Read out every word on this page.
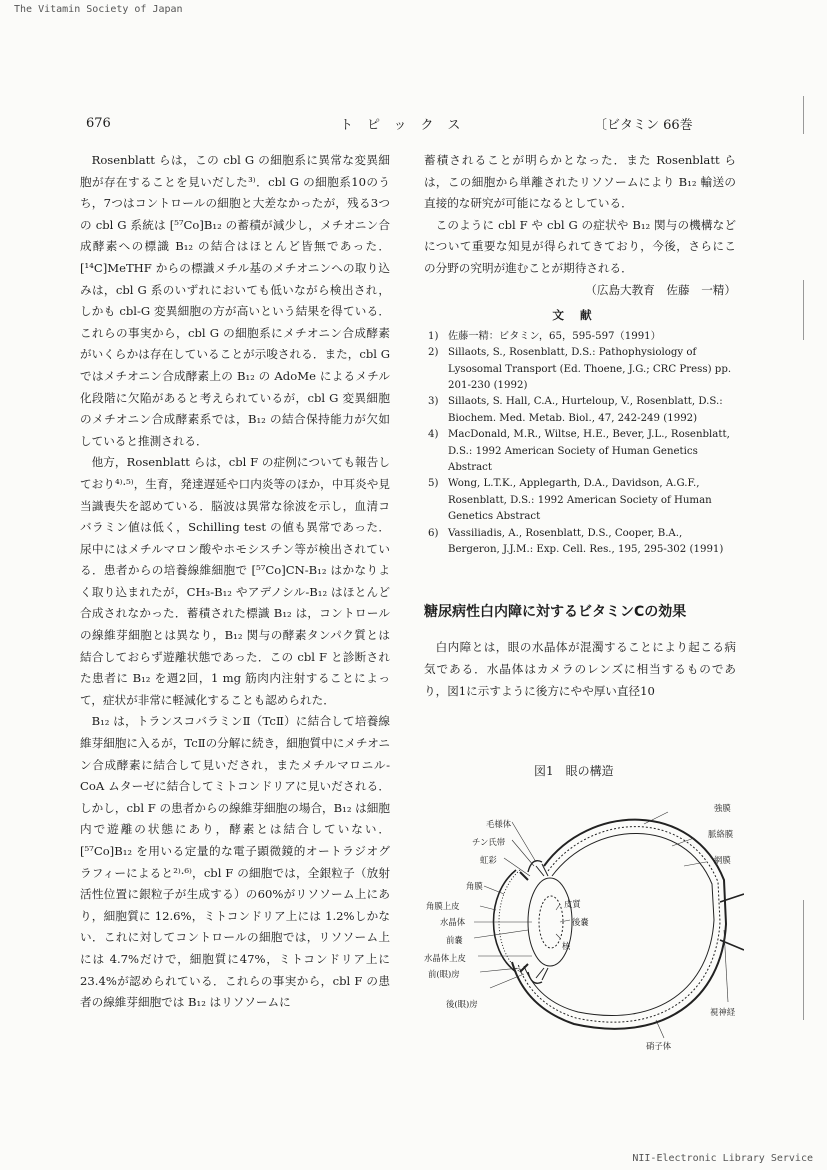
The Vitamin Society of Japan
676	トピックス	〔ビタミン 66巻

Rosenblatt らは，この cbl G の細胞系に異常な変異細胞が存在することを見いだした³⁾．cbl G の細胞系10のうち，7つはコントロールの細胞と大差なかったが，残る3つの cbl G 系統は [⁵⁷Co]B₁₂ の蓄積が減少し，メチオニン合成酵素への標識 B₁₂ の結合はほとんど皆無であった．[¹⁴C]MeTHF からの標識メチル基のメチオニンへの取り込みは，cbl G 系のいずれにおいても低いながら検出され，しかも cbl-G 変異細胞の方が高いという結果を得ている．これらの事実から，cbl G の細胞系にメチオニン合成酵素がいくらかは存在していることが示唆される．また，cbl G ではメチオニン合成酵素上の B₁₂ の AdoMe によるメチル化段階に欠陥があると考えられているが，cbl G 変異細胞のメチオニン合成酵素系では，B₁₂ の結合保持能力が欠如していると推測される．

他方，Rosenblatt らは，cbl F の症例についても報告しており⁴⁾·⁵⁾，生育，発達遅延や口内炎等のほか，中耳炎や見当識喪失を認めている．脳波は異常な徐波を示し，血清コバラミン値は低く，Schilling test の値も異常であった．尿中にはメチルマロン酸やホモシスチン等が検出されている．患者からの培養線維細胞で [⁵⁷Co]CN-B₁₂ はかなりよく取り込まれたが，CH₃-B₁₂ やアデノシル-B₁₂ はほとんど合成されなかった．蓄積された標識 B₁₂ は，コントロールの線維芽細胞とは異なり，B₁₂ 関与の酵素タンパク質とは結合しておらず遊離状態であった．この cbl F と診断された患者に B₁₂ を週2回，1 mg 筋肉内注射することによって，症状が非常に軽減化することも認められた．

B₁₂ は，トランスコバラミンⅡ（TcⅡ）に結合して培養線維芽細胞に入るが，TcⅡの分解に続き，細胞質中にメチオニン合成酵素に結合して見いだされ，またメチルマロニル-CoA ムターゼに結合してミトコンドリアに見いだされる．しかし，cbl F の患者からの線維芽細胞の場合，B₁₂ は細胞内で遊離の状態にあり，酵素とは結合していない．[⁵⁷Co]B₁₂ を用いる定量的な電子顕微鏡的オートラジオグラフィーによると²⁾·⁶⁾，cbl F の細胞では，全銀粒子（放射活性位置に銀粒子が生成する）の60%がリソソーム上にあり，細胞質に 12.6%，ミトコンドリア上には 1.2%しかない．これに対してコントロールの細胞では，リソソーム上には 4.7%だけで，細胞質に47%，ミトコンドリア上に 23.4%が認められている．これらの事実から，cbl F の患者の線維芽細胞では B₁₂ はリソソームに

蓄積されることが明らかとなった．また Rosenblatt らは，この細胞から単離されたリソソームにより B₁₂ 輸送の直接的な研究が可能になるとしている．

このように cbl F や cbl G の症状や B₁₂ 関与の機構などについて重要な知見が得られてきており，今後，さらにこの分野の究明が進むことが期待される．

（広島大教育　佐藤　一精）

文献
1) 佐藤一精：ビタミン，65，595-597（1991）
2) Sillaots, S., Rosenblatt, D.S.: Pathophysiology of Lysosomal Transport (Ed. Thoene, J.G.; CRC Press) pp. 201-230 (1992)
3) Sillaots, S. Hall, C.A., Hurteloup, V., Rosenblatt, D.S.: Biochem. Med. Metab. Biol., 47, 242-249 (1992)
4) MacDonald, M.R., Wiltse, H.E., Bever, J.L., Rosenblatt, D.S.: 1992 American Society of Human Genetics Abstract
5) Wong, L.T.K., Applegarth, D.A., Davidson, A.G.F., Rosenblatt, D.S.: 1992 American Society of Human Genetics Abstract
6) Vassiliadis, A., Rosenblatt, D.S., Cooper, B.A., Bergeron, J.J.M.: Exp. Cell. Res., 195, 295-302 (1991)
糖尿病性白内障に対するビタミンCの効果

白内障とは，眼の水晶体が混濁することにより起こる病気である．水晶体はカメラのレンズに相当するものであり，図1に示すように後方にやや厚い直径10

図1　眼の構造
強膜
脈絡膜
網膜
毛様体
チン氏帯
虹彩
角膜
角膜上皮
水晶体
前嚢
水晶体上皮
前(眼)房
後(眼)房
皮質
後嚢
核
視神経
硝子体
NII-Electronic Library Service
